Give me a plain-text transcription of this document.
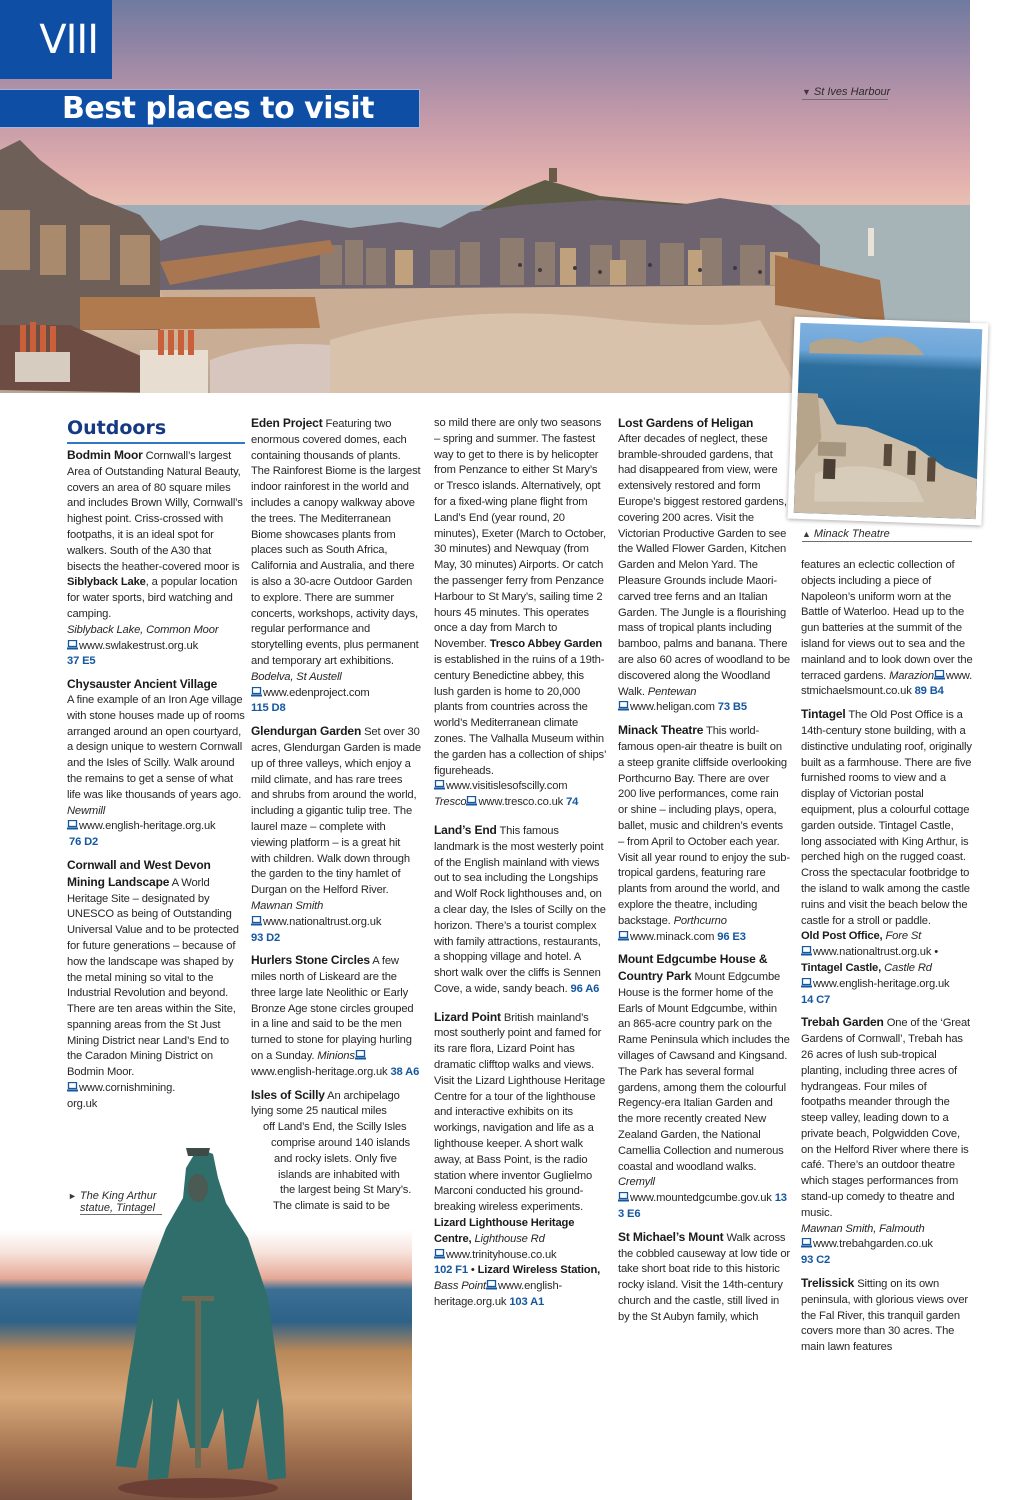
VIII
Best places to visit	▼ St Ives Harbour
▲ Minack Theatre
► The King Arthur
statue, Tintagel
Outdoors
Bodmin Moor Cornwall’s largest Area of Outstanding Natural Beauty, covers an area of 80 square miles and includes Brown Willy, Cornwall’s highest point. Criss-crossed with footpaths, it is an ideal spot for walkers. South of the A30 that bisects the heather-covered moor is Siblyback Lake, a popular location for water sports, bird watching and camping.
Siblyback Lake, Common Moor
www.swlakestrust.org.uk
37 E5
Chysauster Ancient Village
A fine example of an Iron Age village with stone houses made up of rooms arranged around an open courtyard, a design unique to western Cornwall and the Isles of Scilly. Walk around the remains to get a sense of what life was like thousands of years ago. Newmill
www.english-heritage.org.uk
76 D2
Cornwall and West Devon Mining Landscape A World Heritage Site – designated by UNESCO as being of Outstanding Universal Value and to be protected for future generations – because of how the landscape was shaped by the metal mining so vital to the Industrial Revolution and beyond. There are ten areas within the Site, spanning areas from the St Just Mining District near Land’s End to the Caradon Mining District on Bodmin Moor.
www.cornishmining.
org.uk
Eden Project Featuring two enormous covered domes, each containing thousands of plants. The Rainforest Biome is the largest indoor rainforest in the world and includes a canopy walkway above the trees. The Mediterranean Biome showcases plants from places such as South Africa, California and Australia, and there is also a 30-acre Outdoor Garden to explore. There are summer concerts, workshops, activity days, regular performance and storytelling events, plus permanent and temporary art exhibitions. Bodelva, St Austell
www.edenproject.com
115 D8
Glendurgan Garden Set over 30 acres, Glendurgan Garden is made up of three valleys, which enjoy a mild climate, and has rare trees and shrubs from around the world, including a gigantic tulip tree. The laurel maze – complete with viewing platform – is a great hit with children. Walk down through the garden to the tiny hamlet of Durgan on the Helford River. Mawnan Smith
www.nationaltrust.org.uk
93 D2
Hurlers Stone Circles A few miles north of Liskeard are the three large late Neolithic or Early Bronze Age stone circles grouped in a line and said to be the men turned to stone for playing hurling on a Sunday. Minionswww.english-heritage.org.uk 38 A6
Isles of Scilly An archipelago
lying some 25 nautical miles
off Land’s End, the Scilly Isles
comprise around 140 islands
and rocky islets. Only five
islands are inhabited with
the largest being St Mary’s.
The climate is said to be
so mild there are only two seasons – spring and summer. The fastest way to get to there is by helicopter from Penzance to either St Mary’s or Tresco islands. Alternatively, opt for a fixed-wing plane flight from Land’s End (year round, 20 minutes), Exeter (March to October, 30 minutes) and Newquay (from May, 30 minutes) Airports. Or catch the passenger ferry from Penzance Harbour to St Mary’s, sailing time 2 hours 45 minutes. This operates once a day from March to November. Tresco Abbey Garden is established in the ruins of a 19th-century Benedictine abbey, this lush garden is home to 20,000 plants from countries across the world’s Mediterranean climate zones. The Valhalla Museum within the garden has a collection of ships’ figureheads.
www.visitislesofscilly.com
Tresco www.tresco.co.uk 74
Land’s End This famous landmark is the most westerly point of the English mainland with views out to sea including the Longships and Wolf Rock lighthouses and, on a clear day, the Isles of Scilly on the horizon. There’s a tourist complex with family attractions, restaurants, a shopping village and hotel. A short walk over the cliffs is Sennen Cove, a wide, sandy beach. 96 A6
Lizard Point British mainland’s most southerly point and famed for its rare flora, Lizard Point has dramatic clifftop walks and views. Visit the Lizard Lighthouse Heritage Centre for a tour of the lighthouse and interactive exhibits on its workings, navigation and life as a lighthouse keeper. A short walk away, at Bass Point, is the radio station where inventor Guglielmo Marconi conducted his ground-breaking wireless experiments.
Lizard Lighthouse Heritage Centre, Lighthouse Rd
www.trinityhouse.co.uk
102 F1 • Lizard Wireless Station,
Bass Point www.english-heritage.org.uk 103 A1
Lost Gardens of Heligan
After decades of neglect, these bramble-shrouded gardens, that had disappeared from view, were extensively restored and form Europe’s biggest restored gardens, covering 200 acres. Visit the Victorian Productive Garden to see the Walled Flower Garden, Kitchen Garden and Melon Yard. The Pleasure Grounds include Maori-carved tree ferns and an Italian Garden. The Jungle is a flourishing mass of tropical plants including bamboo, palms and banana. There are also 60 acres of woodland to be discovered along the Woodland Walk. Pentewan
www.heligan.com 73 B5
Minack Theatre This world-famous open-air theatre is built on a steep granite cliffside overlooking Porthcurno Bay. There are over 200 live performances, come rain or shine – including plays, opera, ballet, music and children’s events – from April to October each year. Visit all year round to enjoy the sub-tropical gardens, featuring rare plants from around the world, and explore the theatre, including backstage. Porthcurno
www.minack.com 96 E3
Mount Edgcumbe House & Country Park Mount Edgcumbe House is the former home of the Earls of Mount Edgcumbe, within an 865-acre country park on the Rame Peninsula which includes the villages of Cawsand and Kingsand. The Park has several formal gardens, among them the colourful Regency-era Italian Garden and the more recently created New Zealand Garden, the National Camellia Collection and numerous coastal and woodland walks. Cremyll
www.mountedgcumbe.gov.uk 133 E6
St Michael’s Mount Walk across the cobbled causeway at low tide or take short boat ride to this historic rocky island. Visit the 14th-century church and the castle, still lived in by the St Aubyn family, which
features an eclectic collection of objects including a piece of Napoleon’s uniform worn at the Battle of Waterloo. Head up to the gun batteries at the summit of the island for views out to sea and the mainland and to look down over the terraced gardens. Marazion www.stmichaelsmount.co.uk 89 B4
Tintagel The Old Post Office is a 14th-century stone building, with a distinctive undulating roof, originally built as a farmhouse. There are five furnished rooms to view and a display of Victorian postal equipment, plus a colourful cottage garden outside. Tintagel Castle, long associated with King Arthur, is perched high on the rugged coast. Cross the spectacular footbridge to the island to walk among the castle ruins and visit the beach below the castle for a stroll or paddle.
Old Post Office, Fore St
www.nationaltrust.org.uk •
Tintagel Castle, Castle Rd
www.english-heritage.org.uk
14 C7
Trebah Garden One of the ‘Great Gardens of Cornwall’, Trebah has 26 acres of lush sub-tropical planting, including three acres of hydrangeas. Four miles of footpaths meander through the steep valley, leading down to a private beach, Polgwidden Cove, on the Helford River where there is café. There’s an outdoor theatre which stages performances from stand-up comedy to theatre and music.
Mawnan Smith, Falmouth
www.trebahgarden.co.uk
93 C2
Trelissick Sitting on its own peninsula, with glorious views over the Fal River, this tranquil garden covers more than 30 acres. The main lawn features
